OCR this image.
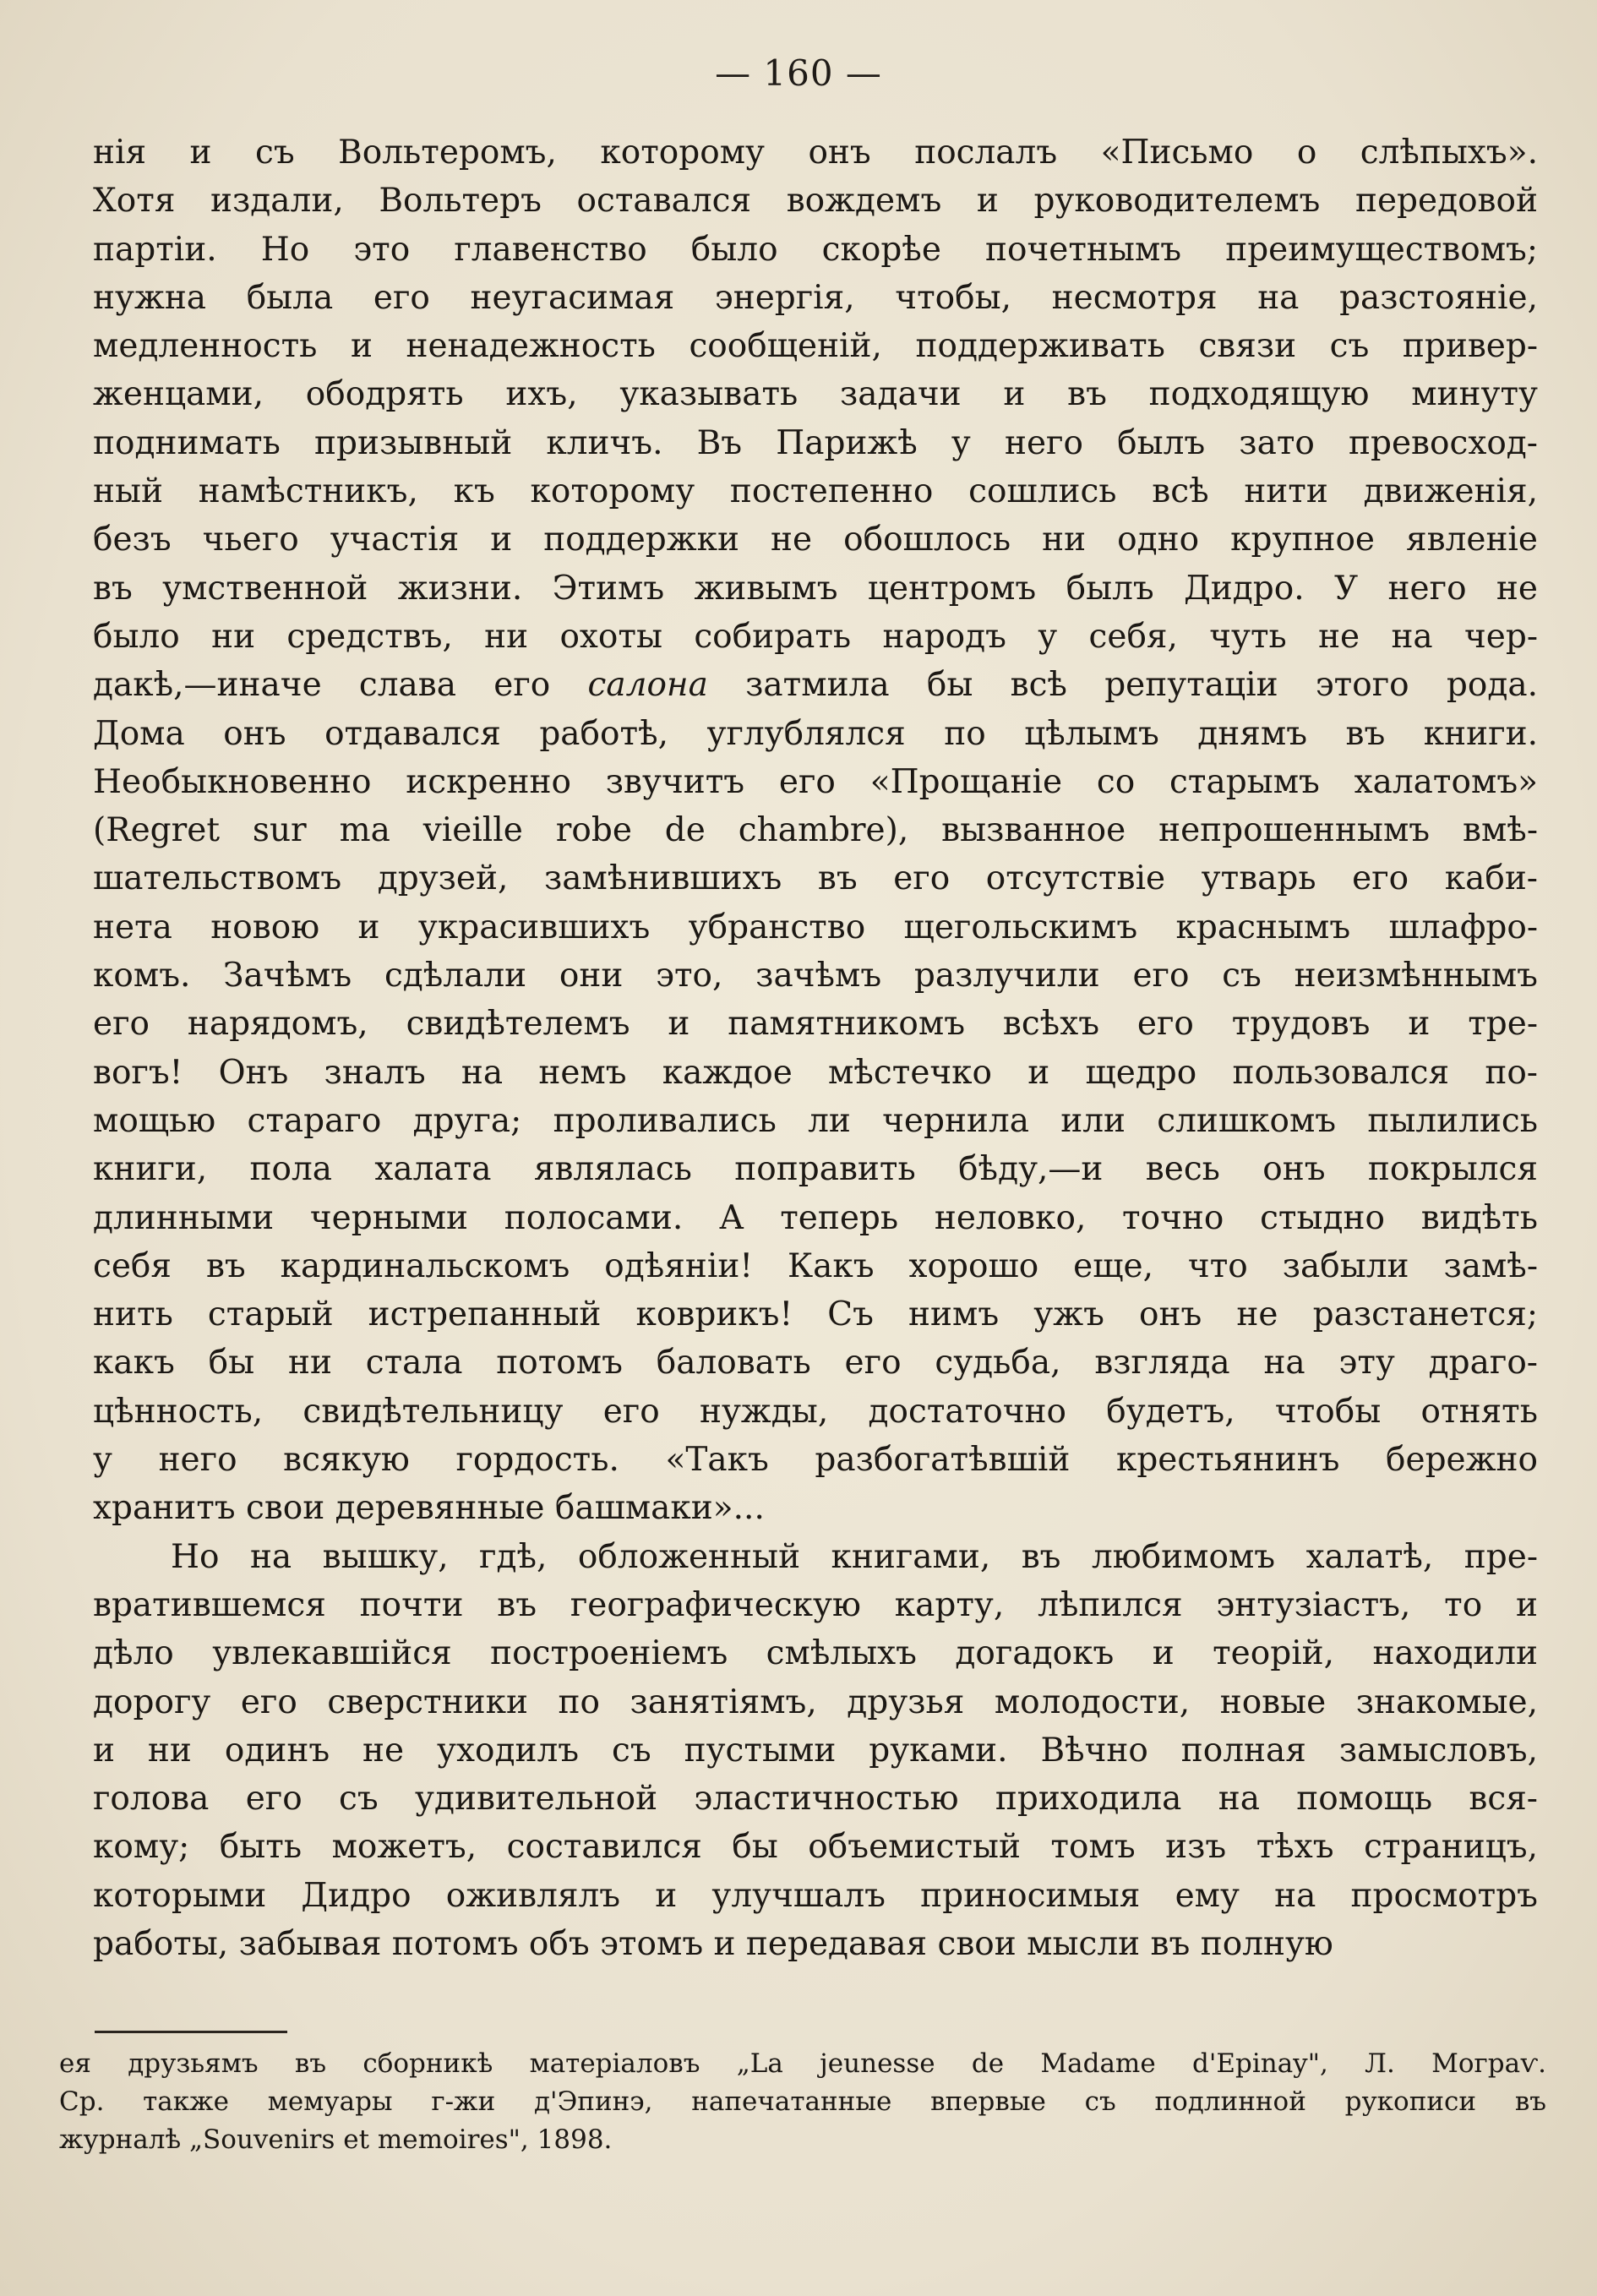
— 160 —
нія и съ Вольтеромъ, которому онъ послалъ «Письмо о слѣпыхъ».
Хотя издали, Вольтеръ оставался вождемъ и руководителемъ передовой
партіи. Но это главенство было скорѣе почетнымъ преимуществомъ;
нужна была его неугасимая энергія, чтобы, несмотря на разстояніе,
медленность и ненадежность сообщеній, поддерживать связи съ привер-
женцами, ободрять ихъ, указывать задачи и въ подходящую минуту
поднимать призывный кличъ. Въ Парижѣ у него былъ зато превосход-
ный намѣстникъ, къ которому постепенно сошлись всѣ нити движенія,
безъ чьего участія и поддержки не обошлось ни одно крупное явленіе
въ умственной жизни. Этимъ живымъ центромъ былъ Дидро. У него не
было ни средствъ, ни охоты собирать народъ у себя, чуть не на чер-
дакѣ,—иначе слава его салона затмила бы всѣ репутаціи этого рода.
Дома онъ отдавался работѣ, углублялся по цѣлымъ днямъ въ книги.
Необыкновенно искренно звучитъ его «Прощаніе со старымъ халатомъ»
(Regret sur ma vieille robe de chambre), вызванное непрошеннымъ вмѣ-
шательствомъ друзей, замѣнившихъ въ его отсутствіе утварь его каби-
нета новою и украсившихъ убранство щегольскимъ краснымъ шлафро-
комъ. Зачѣмъ сдѣлали они это, зачѣмъ разлучили его съ неизмѣннымъ
его нарядомъ, свидѣтелемъ и памятникомъ всѣхъ его трудовъ и тре-
вогъ! Онъ зналъ на немъ каждое мѣстечко и щедро пользовался по-
мощью стараго друга; проливались ли чернила или слишкомъ пылились
книги, пола халата являлась поправить бѣду,—и весь онъ покрылся
длинными черными полосами. А теперь неловко, точно стыдно видѣть
себя въ кардинальскомъ одѣяніи! Какъ хорошо еще, что забыли замѣ-
нить старый истрепанный коврикъ! Съ нимъ ужъ онъ не разстанется;
какъ бы ни стала потомъ баловать его судьба, взгляда на эту драго-
цѣнность, свидѣтельницу его нужды, достаточно будетъ, чтобы отнять
у него всякую гордость. «Такъ разбогатѣвшій крестьянинъ бережно
хранитъ свои деревянные башмаки»...
Но на вышку, гдѣ, обложенный книгами, въ любимомъ халатѣ, пре-
вратившемся почти въ географическую карту, лѣпился энтузіастъ, то и
дѣло увлекавшійся построеніемъ смѣлыхъ догадокъ и теорій, находили
дорогу его сверстники по занятіямъ, друзья молодости, новые знакомые,
и ни одинъ не уходилъ съ пустыми руками. Вѣчно полная замысловъ,
голова его съ удивительной эластичностью приходила на помощь вся-
кому; быть можетъ, составился бы объемистый томъ изъ тѣхъ страницъ,
которыми Дидро оживлялъ и улучшалъ приносимыя ему на просмотръ
работы, забывая потомъ объ этомъ и передавая свои мысли въ полную
ея друзьямъ въ сборникѣ матеріаловъ „La jeunesse de Madame d'Epinay", Л. Мограѵ.
Ср. также мемуары г-жи д'Эпинэ, напечатанные впервые съ подлинной рукописи въ
журналѣ „Souvenirs et memoires", 1898.
